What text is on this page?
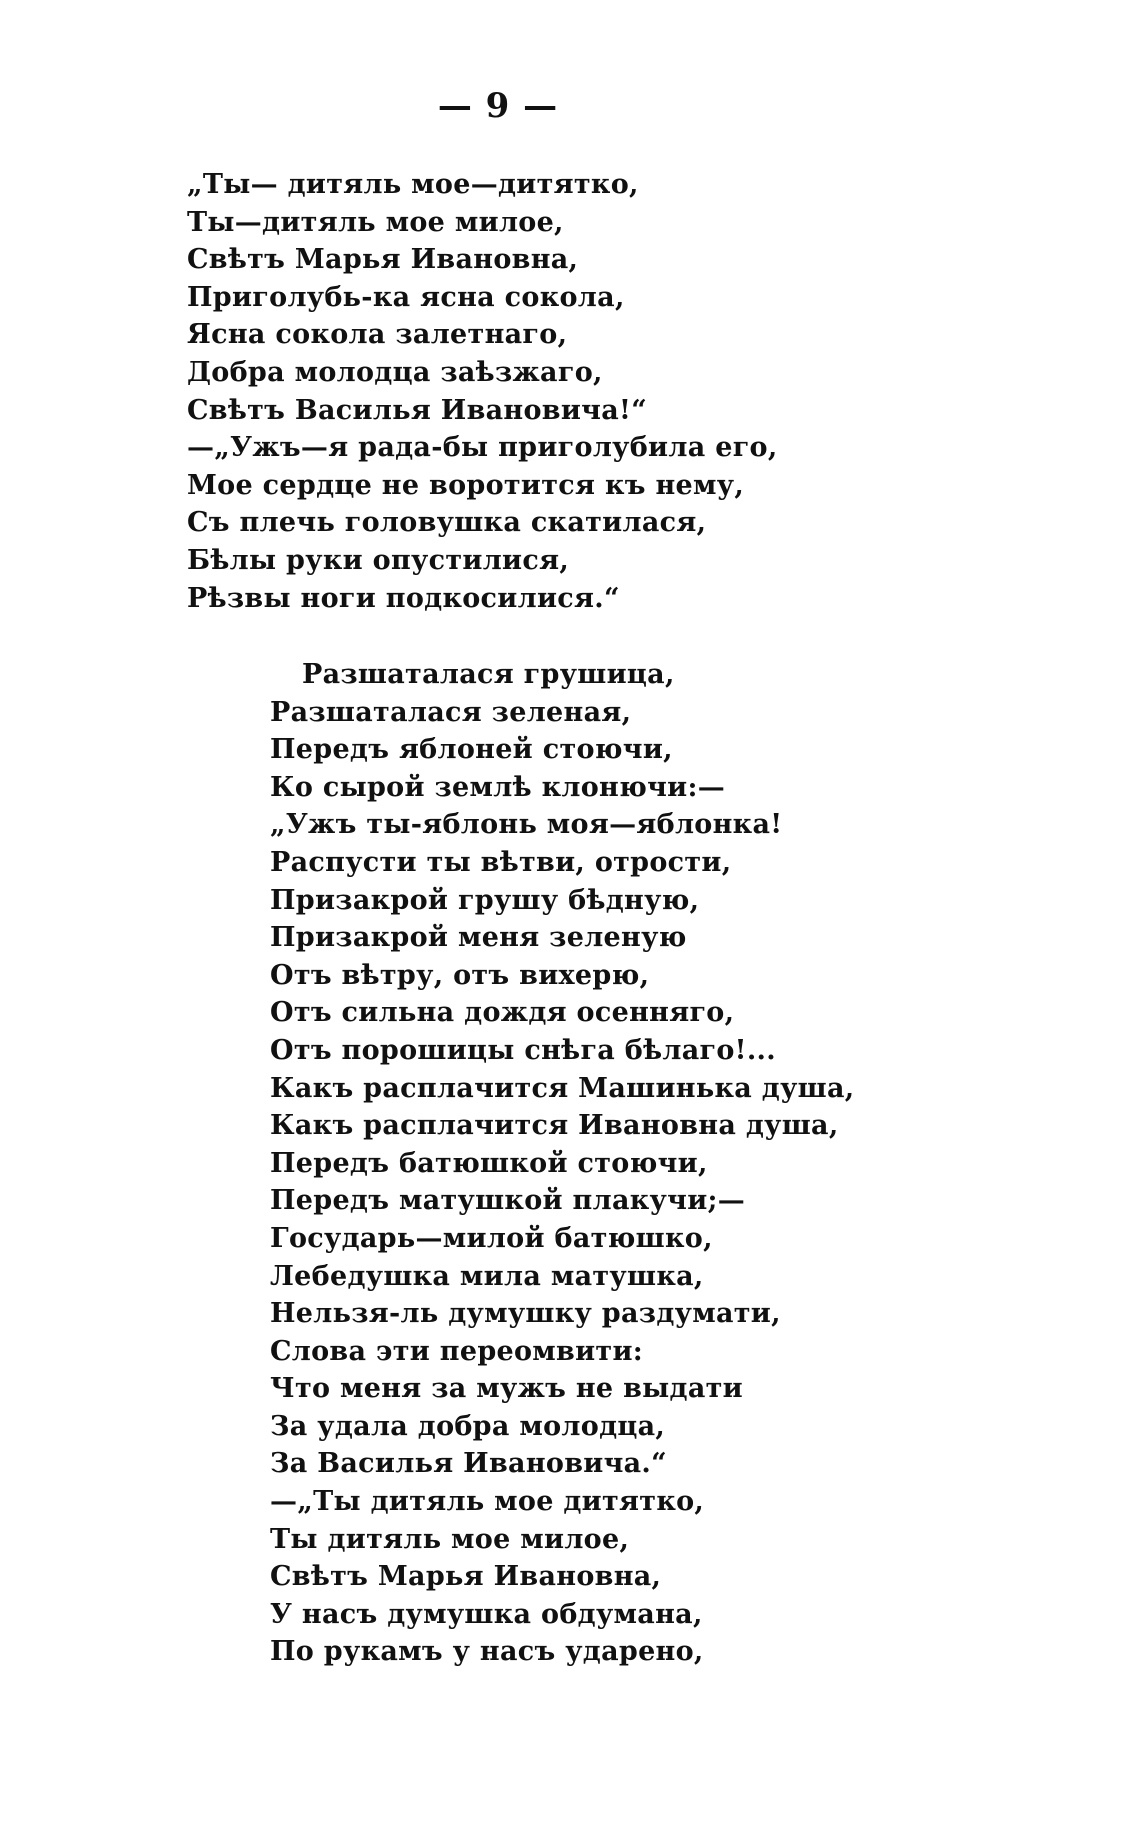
— 9 —
„Ты— дитяль мое—дитятко,
Ты—дитяль мое милое,
Свѣтъ Марья Ивановна,
Приголубь-ка ясна сокола,
Ясна сокола залетнаго,
Добра молодца заѣзжаго,
Свѣтъ Василья Ивановича!“
—„Ужъ—я рада-бы приголубила его,
Мое сердце не воротится къ нему,
Съ плечь головушка скатилася,
Бѣлы руки опустилися,
Рѣзвы ноги подкосилися.“
Разшаталася грушица,
Разшаталася зеленая,
Передъ яблоней стоючи,
Ко сырой землѣ клонючи:—
„Ужъ ты-яблонь моя—яблонка!
Распусти ты вѣтви, отрости,
Призакрой грушу бѣдную,
Призакрой меня зеленую
Отъ вѣтру, отъ вихерю,
Отъ сильна дождя осенняго,
Отъ порошицы снѣга бѣлаго!...
Какъ расплачится Машинька душа,
Какъ расплачится Ивановна душа,
Передъ батюшкой стоючи,
Передъ матушкой плакучи;—
Государь—милой батюшко,
Лебедушка мила матушка,
Нельзя-ль думушку раздумати,
Слова эти переомвити:
Что меня за мужъ не выдати
За удала добра молодца,
За Василья Ивановича.“
—„Ты дитяль мое дитятко,
Ты дитяль мое милое,
Свѣтъ Марья Ивановна,
У насъ думушка обдумана,
По рукамъ у насъ ударено,
